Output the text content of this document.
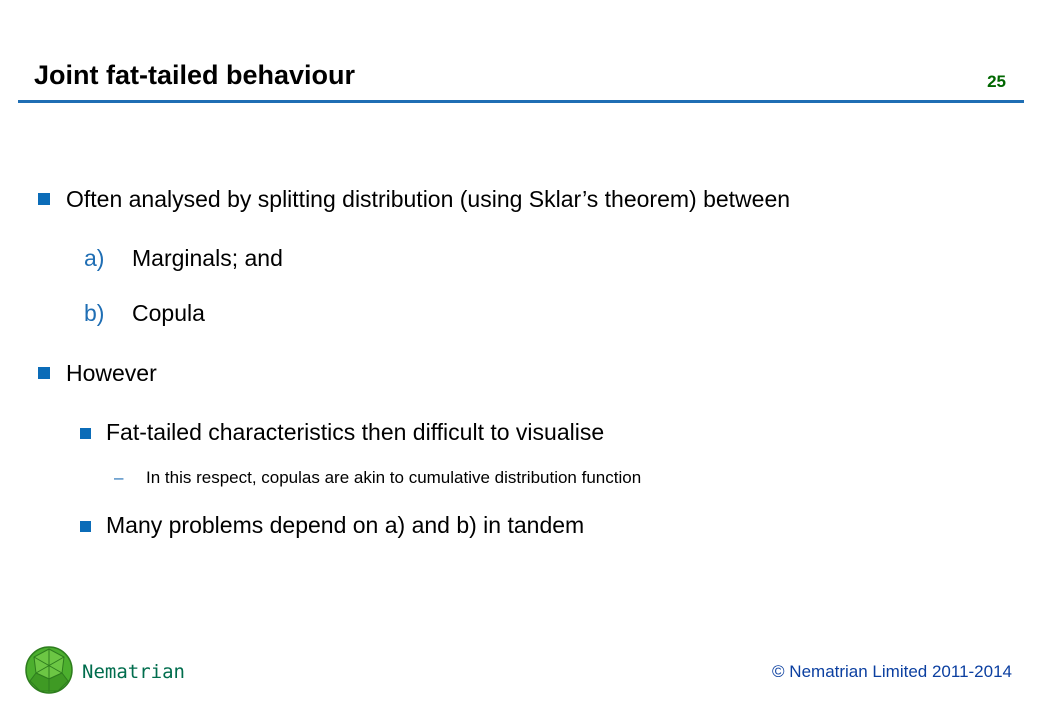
Joint fat-tailed behaviour	25
Often analysed by splitting distribution (using Sklar’s theorem) between
a) Marginals; and
b) Copula
However
Fat-tailed characteristics then difficult to visualise
– In this respect, copulas are akin to cumulative distribution function
Many problems depend on a) and b) in tandem
Nematrian	© Nematrian Limited 2011-2014
